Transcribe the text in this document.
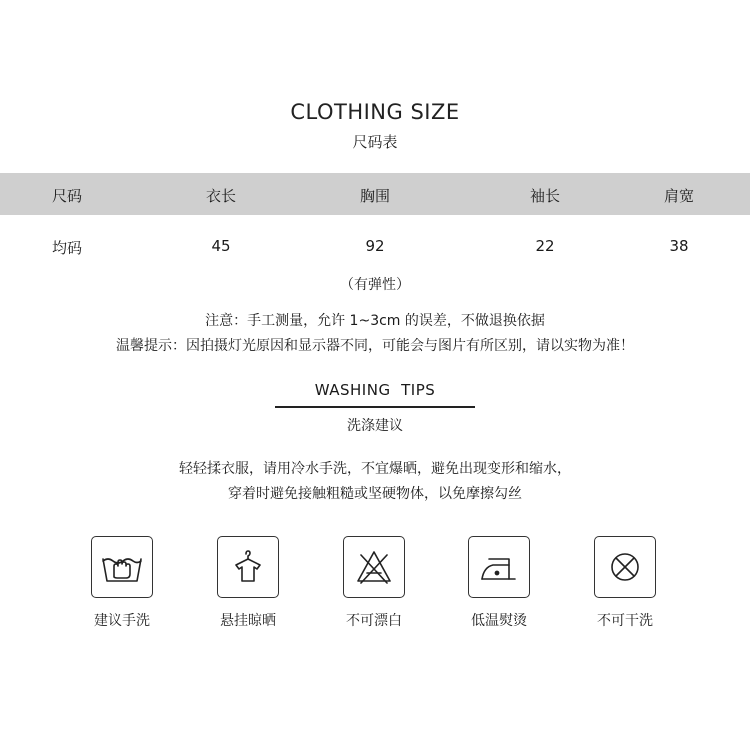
CLOTHING SIZE
尺码表
尺码	衣长	胸围	袖长	肩宽
均码	45	92	22	38
（有弹性）
注意：手工测量，允许 1~3cm 的误差，不做退换依据
温馨提示：因拍摄灯光原因和显示器不同，可能会与图片有所区别，请以实物为准！
WASHING  TIPS
洗涤建议
轻轻揉衣服，请用冷水手洗，不宜爆晒，避免出现变形和缩水，
穿着时避免接触粗糙或坚硬物体，以免摩擦勾丝
建议手洗	悬挂晾晒	不可漂白	低温熨烫	不可干洗
